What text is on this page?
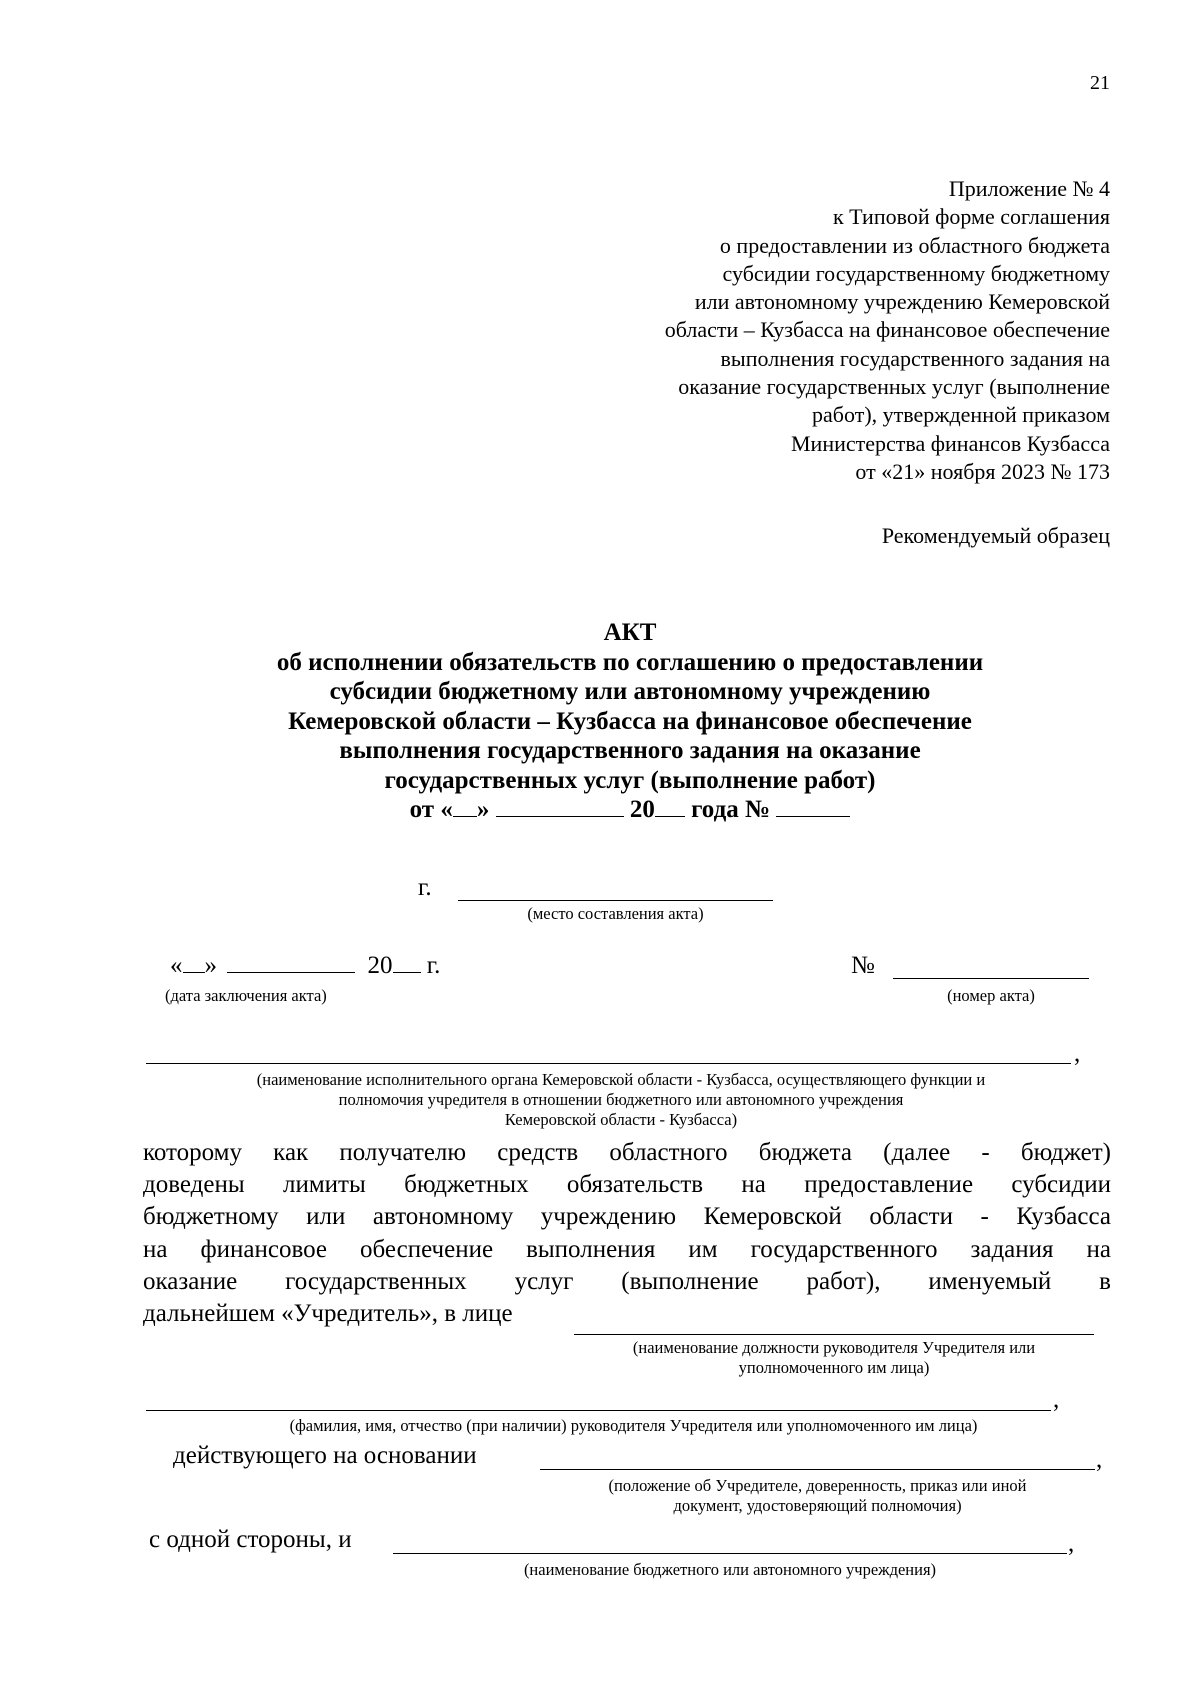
21
Приложение № 4
к Типовой форме соглашения
о предоставлении из областного бюджета
субсидии государственному бюджетному
или автономному учреждению Кемеровской
области – Кузбасса на финансовое обеспечение
выполнения государственного задания на
оказание государственных услуг (выполнение
работ), утвержденной приказом
Министерства финансов Кузбасса
от «21» ноября 2023 № 173
Рекомендуемый образец
АКТ
об исполнении обязательств по соглашению о предоставлении
субсидии бюджетному или автономному учреждению
Кемеровской области – Кузбасса на финансовое обеспечение
выполнения государственного задания на оказание
государственных услуг (выполнение работ)
от « »	20 года №
г.
(место составления акта)
« »	20 г.
(дата заключения акта)
№
(номер акта)
,
(наименование исполнительного органа Кемеровской области - Кузбасса, осуществляющего функции и
полномочия учредителя в отношении бюджетного или автономного учреждения
Кемеровской области - Кузбасса)
которому как получателю средств областного бюджета (далее - бюджет)
доведены лимиты бюджетных обязательств на предоставление субсидии
бюджетному или автономному учреждению Кемеровской области - Кузбасса
на финансовое обеспечение выполнения им государственного задания на
оказание государственных услуг (выполнение работ), именуемый в
дальнейшем «Учредитель», в лице
(наименование должности руководителя Учредителя или
уполномоченного им лица)
,
(фамилия, имя, отчество (при наличии) руководителя Учредителя или уполномоченного им лица)
действующего на основании	,
(положение об Учредителе, доверенность, приказ или иной
документ, удостоверяющий полномочия)
с одной стороны, и	,
(наименование бюджетного или автономного учреждения)
